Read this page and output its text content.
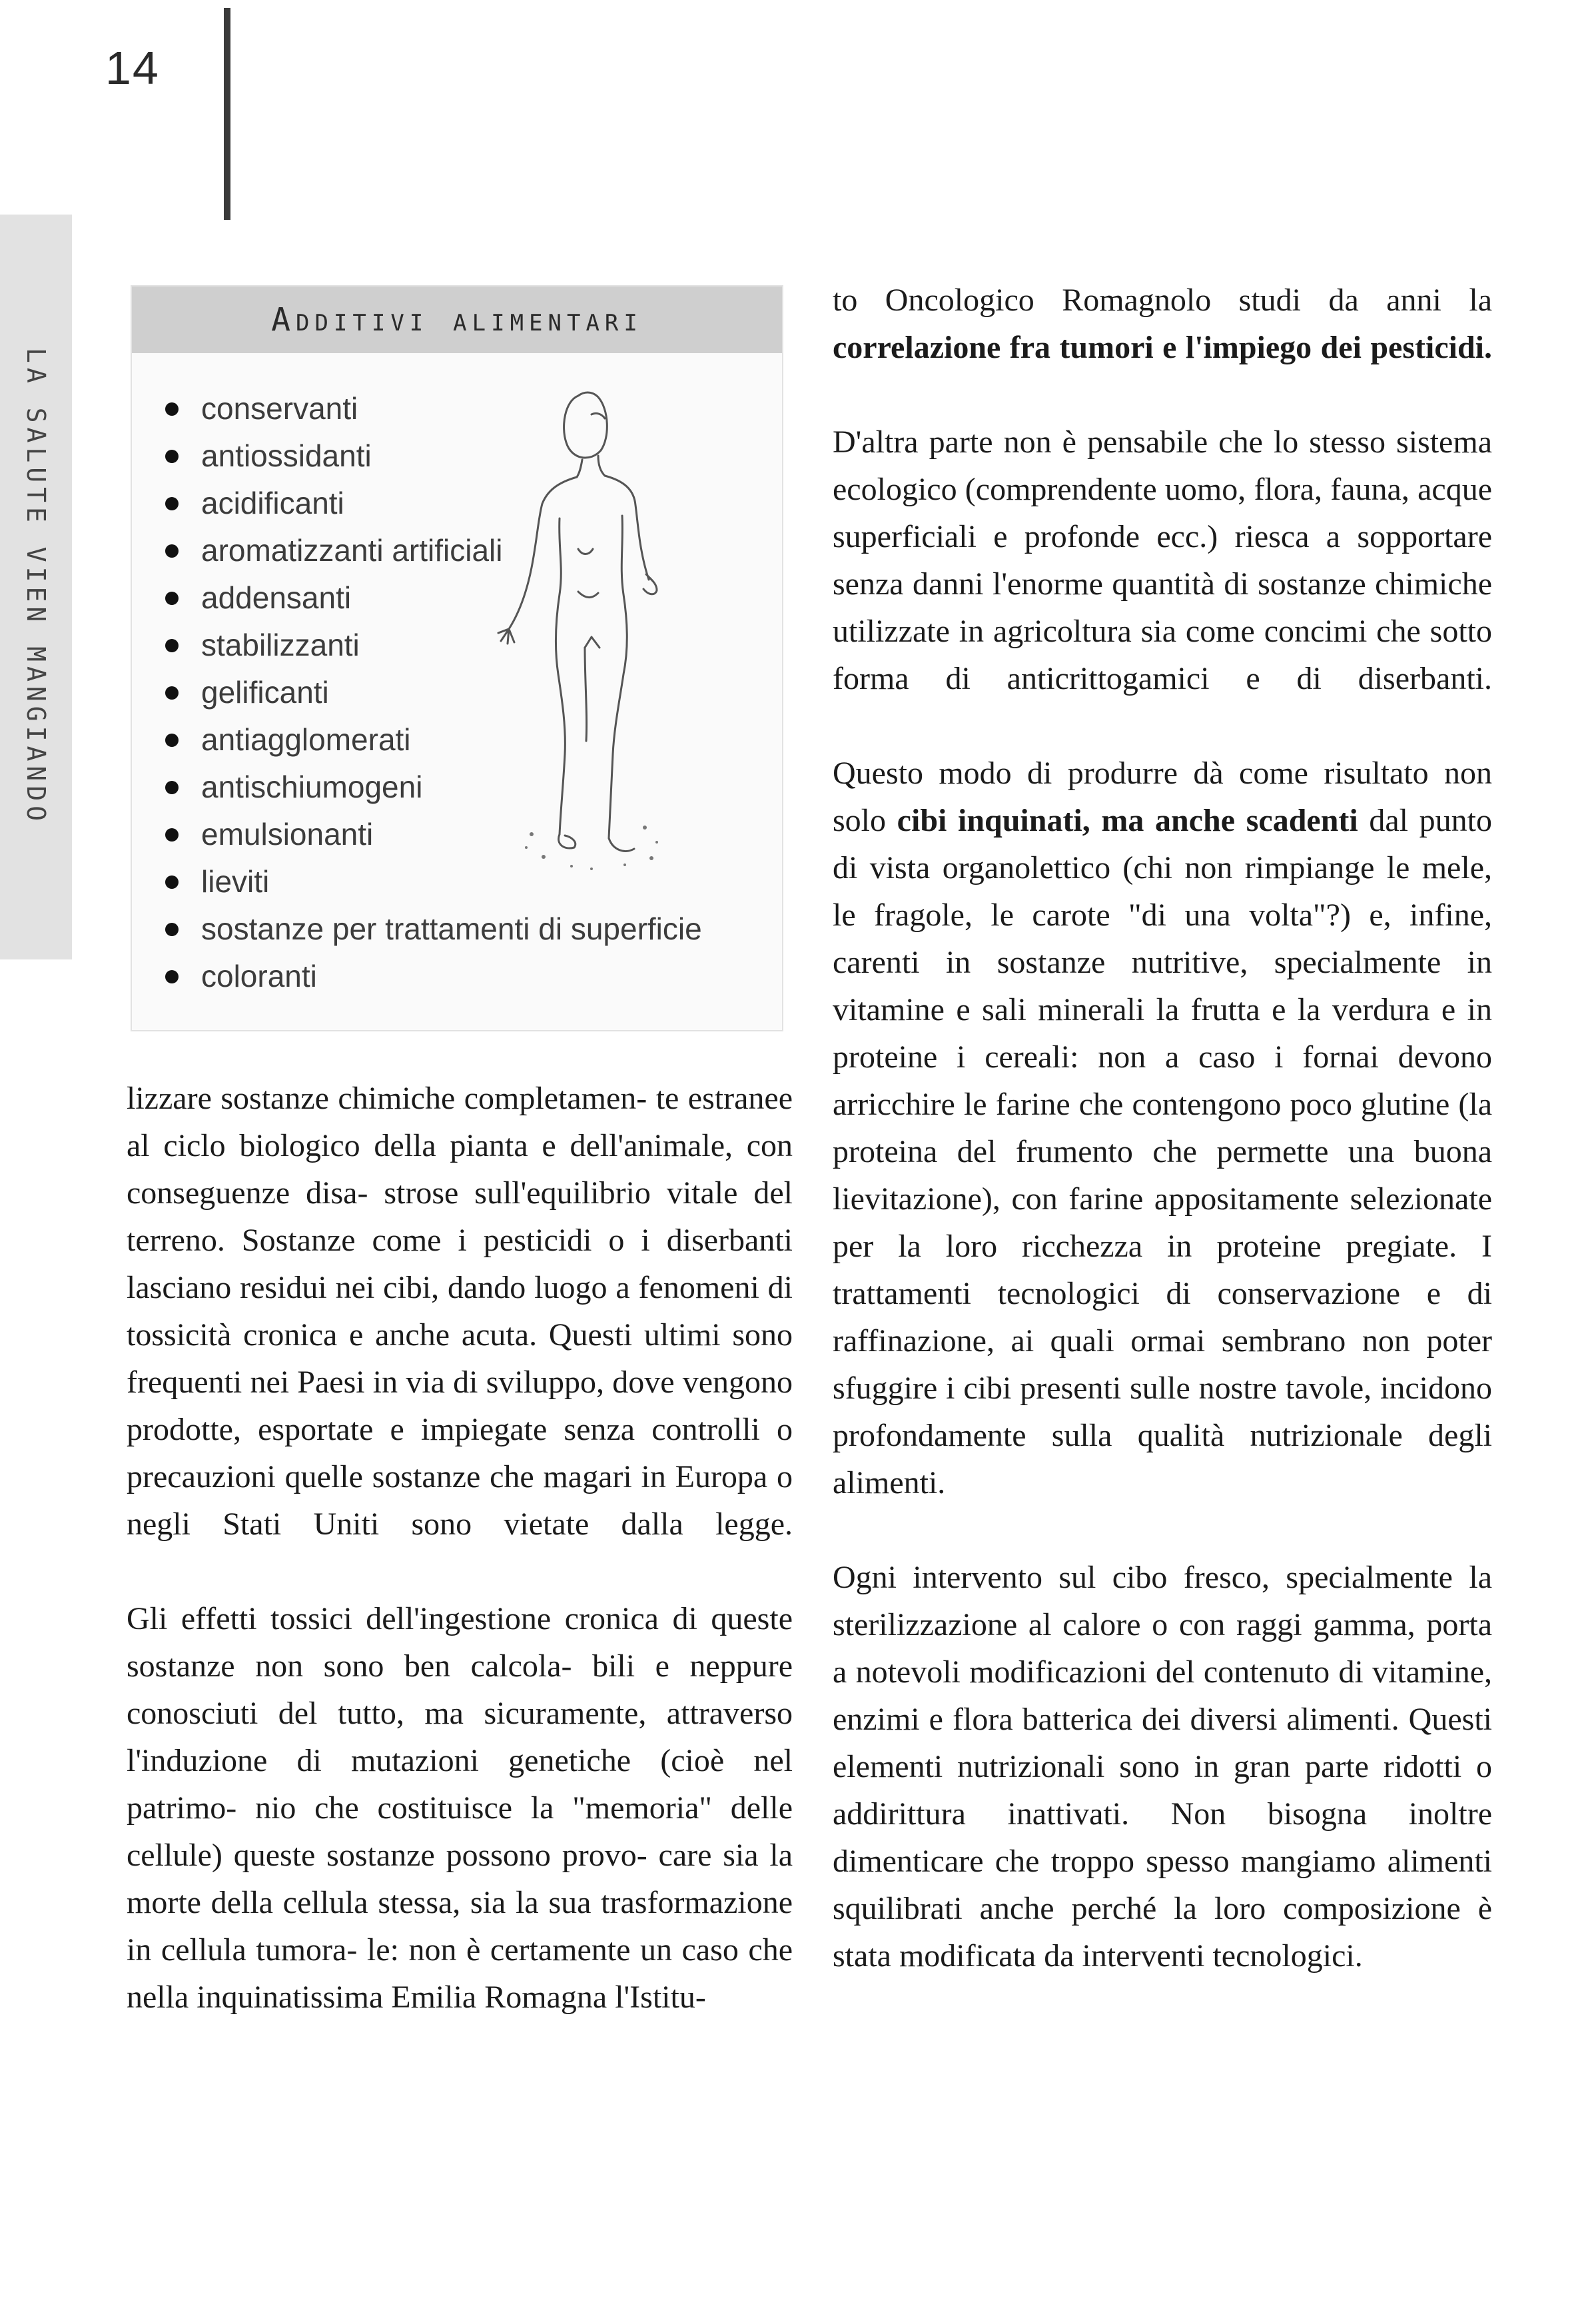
14
LA SALUTE VIEN MANGIANDO
Additivi alimentari
conservanti
antiossidanti
acidificanti
aromatizzanti artificiali
addensanti
stabilizzanti
gelificanti
antiagglomerati
antischiumogeni
emulsionanti
lieviti
sostanze per trattamenti di superficie
coloranti

lizzare sostanze chimiche completamen- te estranee al ciclo biologico della pianta e dell'animale, con conseguenze disa- strose sull'equilibrio vitale del terreno. Sostanze come i pesticidi o i diserbanti lasciano residui nei cibi, dando luogo a fenomeni di tossicità cronica e anche acuta. Questi ultimi sono frequenti nei Paesi in via di sviluppo, dove vengono prodotte, esportate e impiegate senza controlli o precauzioni quelle sostanze che magari in Europa o negli Stati Uniti sono vietate dalla legge.

Gli effetti tossici dell'ingestione cronica di queste sostanze non sono ben calcola- bili e neppure conosciuti del tutto, ma sicuramente, attraverso l'induzione di mutazioni genetiche (cioè nel patrimo- nio che costituisce la "memoria" delle cellule) queste sostanze possono provo- care sia la morte della cellula stessa, sia la sua trasformazione in cellula tumora- le: non è certamente un caso che nella inquinatissima Emilia Romagna l'Istitu-

to Oncologico Romagnolo studi da anni la correlazione fra tumori e l'impiego dei pesticidi.

D'altra parte non è pensabile che lo stesso sistema ecologico (comprendente uomo, flora, fauna, acque superficiali e profonde ecc.) riesca a sopportare senza danni l'enorme quantità di sostanze chimiche utilizzate in agricoltura sia come concimi che sotto forma di anticrittogamici e di diserbanti.

Questo modo di produrre dà come risultato non solo cibi inquinati, ma anche scadenti dal punto di vista organolettico (chi non rimpiange le mele, le fragole, le carote "di una volta"?) e, infine, carenti in sostanze nutritive, specialmente in vitamine e sali minerali la frutta e la verdura e in proteine i cereali: non a caso i fornai devono arricchire le farine che contengono poco glutine (la proteina del frumento che permette una buona lievitazione), con farine appositamente selezionate per la loro ricchezza in proteine pregiate. I trattamenti tecnologici di conservazione e di raffinazione, ai quali ormai sembrano non poter sfuggire i cibi presenti sulle nostre tavole, incidono profondamente sulla qualità nutrizionale degli alimenti.

Ogni intervento sul cibo fresco, specialmente la sterilizzazione al calore o con raggi gamma, porta a notevoli modificazioni del contenuto di vitamine, enzimi e flora batterica dei diversi alimenti. Questi elementi nutrizionali sono in gran parte ridotti o addirittura inattivati. Non bisogna inoltre dimenticare che troppo spesso mangiamo alimenti squilibrati anche perché la loro composizione è stata modificata da interventi tecnologici.
